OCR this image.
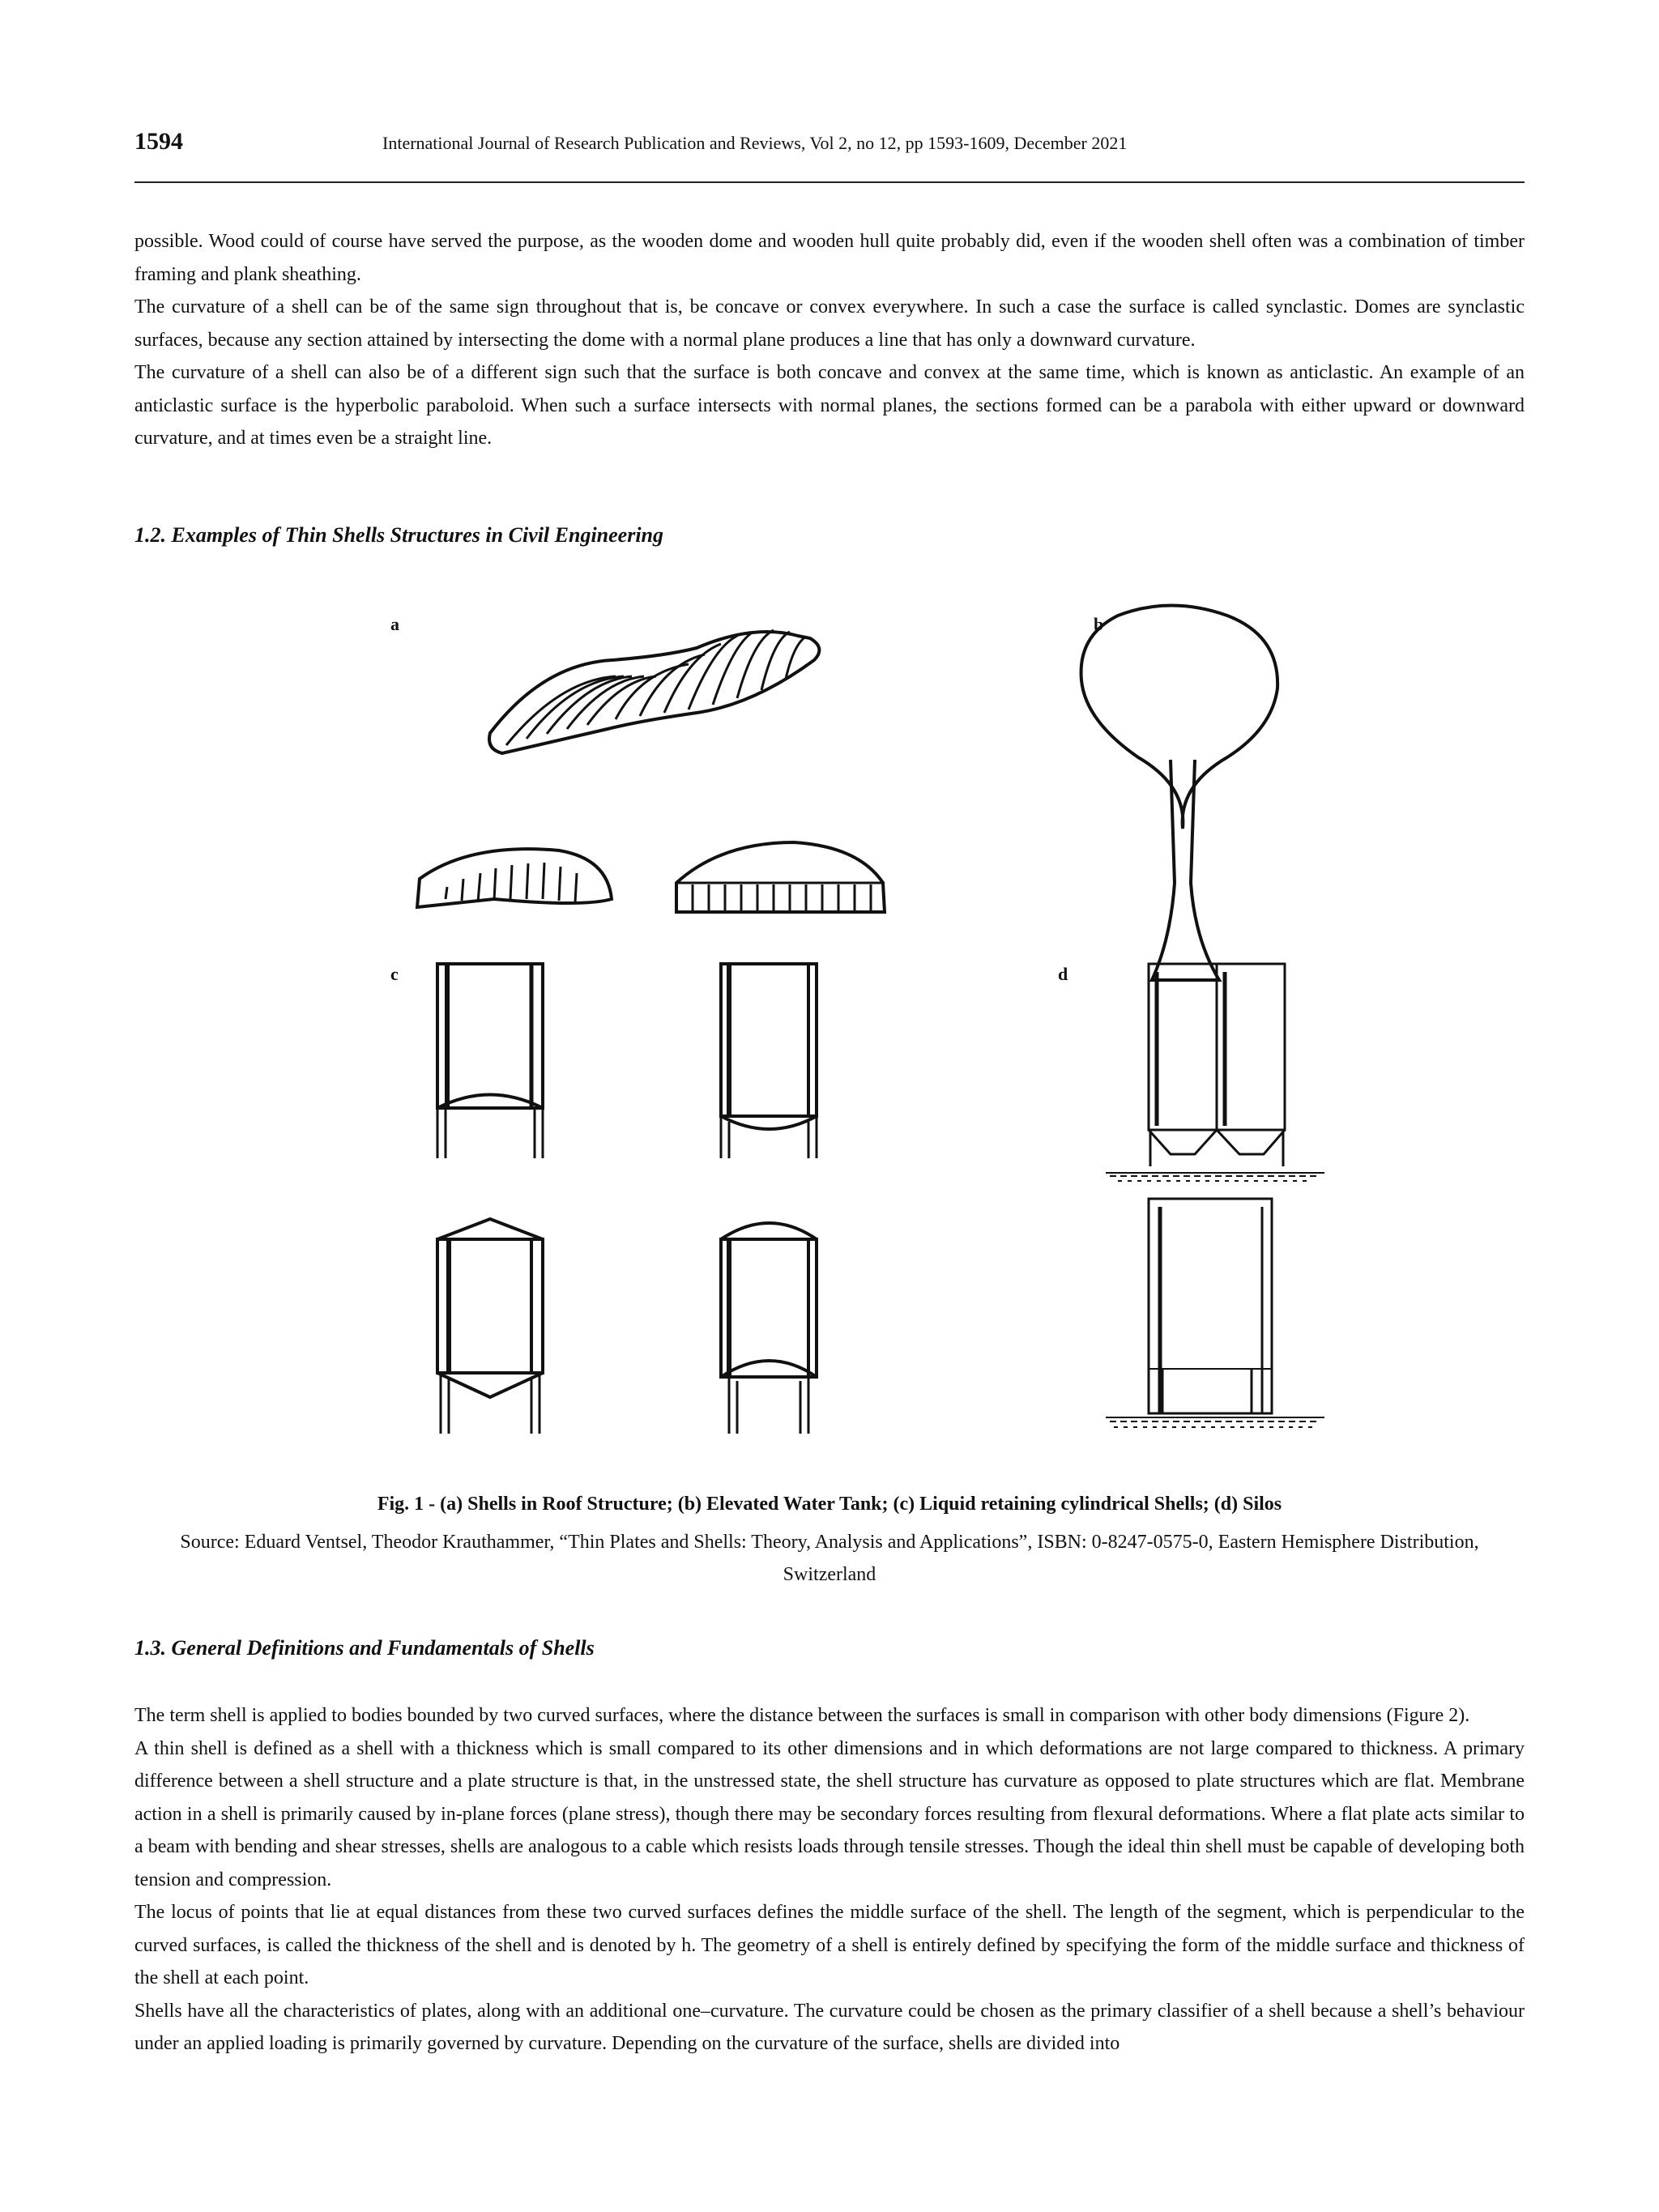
1594	International Journal of Research Publication and Reviews, Vol 2, no 12, pp 1593-1609, December 2021

possible. Wood could of course have served the purpose, as the wooden dome and wooden hull quite probably did, even if the wooden shell often was a combination of timber framing and plank sheathing.

The curvature of a shell can be of the same sign throughout that is, be concave or convex everywhere. In such a case the surface is called synclastic. Domes are synclastic surfaces, because any section attained by intersecting the dome with a normal plane produces a line that has only a downward curvature.

The curvature of a shell can also be of a different sign such that the surface is both concave and convex at the same time, which is known as anticlastic. An example of an anticlastic surface is the hyperbolic paraboloid. When such a surface intersects with normal planes, the sections formed can be a parabola with either upward or downward curvature, and at times even be a straight line.

1.2. Examples of Thin Shells Structures in Civil Engineering
a	b
c	d
Fig. 1 - (a) Shells in Roof Structure; (b) Elevated Water Tank; (c) Liquid retaining cylindrical Shells; (d) Silos
Source: Eduard Ventsel, Theodor Krauthammer, “Thin Plates and Shells: Theory, Analysis and Applications”, ISBN: 0-8247-0575-0, Eastern Hemisphere Distribution, Switzerland
1.3. General Definitions and Fundamentals of Shells

The term shell is applied to bodies bounded by two curved surfaces, where the distance between the surfaces is small in comparison with other body dimensions (Figure 2).

A thin shell is defined as a shell with a thickness which is small compared to its other dimensions and in which deformations are not large compared to thickness. A primary difference between a shell structure and a plate structure is that, in the unstressed state, the shell structure has curvature as opposed to plate structures which are flat. Membrane action in a shell is primarily caused by in-plane forces (plane stress), though there may be secondary forces resulting from flexural deformations. Where a flat plate acts similar to a beam with bending and shear stresses, shells are analogous to a cable which resists loads through tensile stresses. Though the ideal thin shell must be capable of developing both tension and compression.

The locus of points that lie at equal distances from these two curved surfaces defines the middle surface of the shell. The length of the segment, which is perpendicular to the curved surfaces, is called the thickness of the shell and is denoted by h. The geometry of a shell is entirely defined by specifying the form of the middle surface and thickness of the shell at each point.

Shells have all the characteristics of plates, along with an additional one–curvature. The curvature could be chosen as the primary classifier of a shell because a shell’s behaviour under an applied loading is primarily governed by curvature. Depending on the curvature of the surface, shells are divided into
